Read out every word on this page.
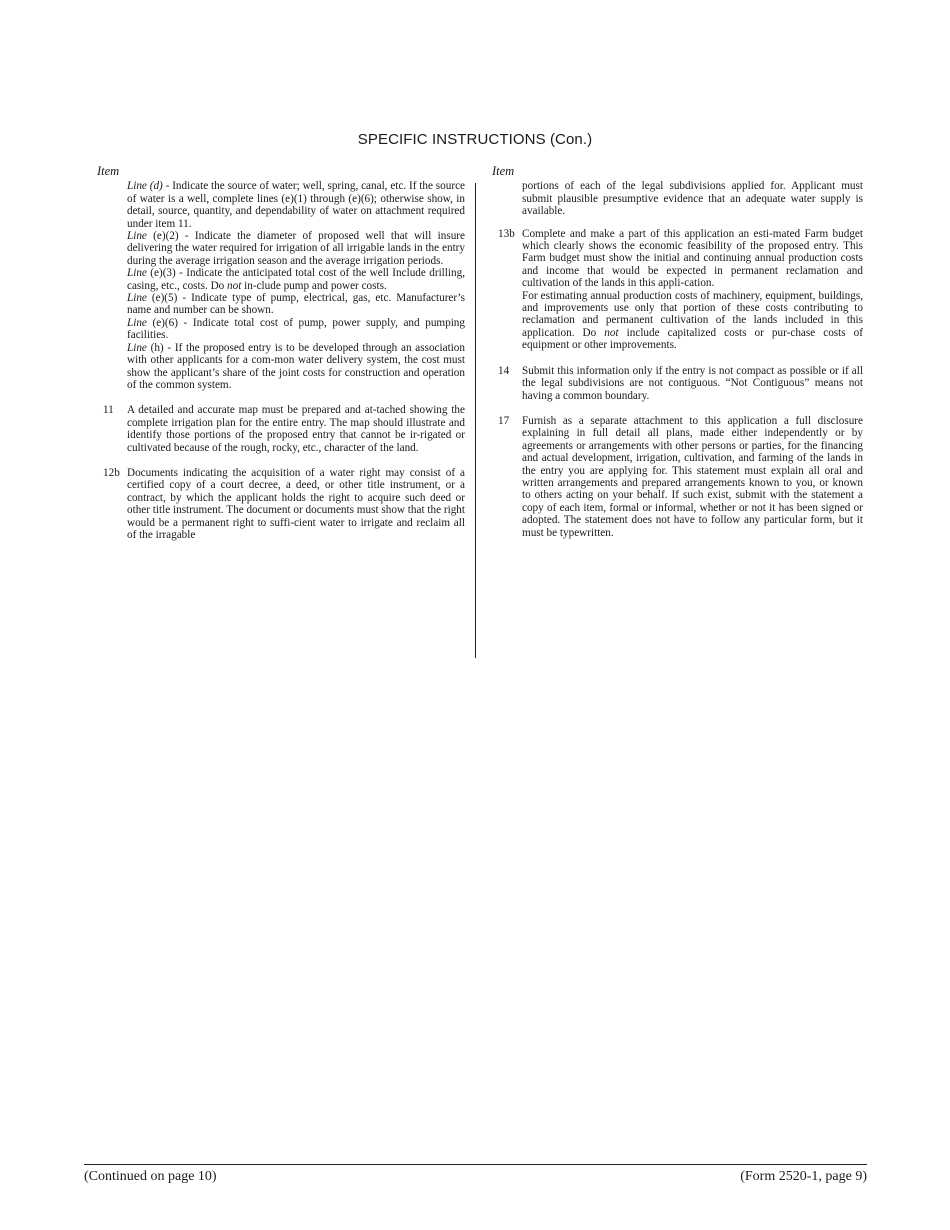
SPECIFIC INSTRUCTIONS (Con.)
Item

Line (d) - Indicate the source of water; well, spring, canal, etc. If the source of water is a well, complete lines (e)(1) through (e)(6); otherwise show, in detail, source, quantity, and dependability of water on attachment required under item 11.

Line (e)(2) - Indicate the diameter of proposed well that will insure delivering the water required for irrigation of all irrigable lands in the entry during the average irrigation season and the average irrigation periods.

Line (e)(3) - Indicate the anticipated total cost of the well Include drilling, casing, etc., costs. Do not in-clude pump and power costs.

Line (e)(5) - Indicate type of pump, electrical, gas, etc. Manufacturer’s name and number can be shown.

Line (e)(6) - Indicate total cost of pump, power supply, and pumping facilities.

Line (h) - If the proposed entry is to be developed through an association with other applicants for a com-mon water delivery system, the cost must show the applicant’s share of the joint costs for construction and operation of the common system.

11	A detailed and accurate map must be prepared and at-tached showing the complete irrigation plan for the entire entry. The map should illustrate and identify those portions of the proposed entry that cannot be ir-rigated or cultivated because of the rough, rocky, etc., character of the land.

12b Documents indicating the acquisition of a water right may consist of a certified copy of a court decree, a deed, or other title instrument, or a contract, by which the applicant holds the right to acquire such deed or other title instrument. The document or documents must show that the right would be a permanent right to suffi-cient water to irrigate and reclaim all of the irragable

Item

portions of each of the legal subdivisions applied for. Applicant must submit plausible presumptive evidence that an adequate water supply is available.

13b Complete and make a part of this application an esti-mated Farm budget which clearly shows the economic feasibility of the proposed entry. This Farm budget must show the initial and continuing annual production costs and income that would be expected in permanent reclamation and cultivation of the lands in this appli-cation.

For estimating annual production costs of machinery, equipment, buildings, and improvements use only that portion of these costs contributing to reclamation and permanent cultivation of the lands included in this application. Do not include capitalized costs or pur-chase costs of equipment or other improvements.

14	Submit this information only if the entry is not compact as possible or if all the legal subdivisions are not contiguous. “Not Contiguous” means not having a common boundary.

17	Furnish as a separate attachment to this application a full disclosure explaining in full detail all plans, made either independently or by agreements or arrangements with other persons or parties, for the financing and actual development, irrigation, cultivation, and farming of the lands in the entry you are applying for. This statement must explain all oral and written arrangements and prepared arrangements known to you, or known to others acting on your behalf. If such exist, submit with the statement a copy of each item, formal or informal, whether or not it has been signed or adopted. The statement does not have to follow any particular form, but it must be typewritten.

(Continued on page 10)	(Form 2520-1, page 9)
